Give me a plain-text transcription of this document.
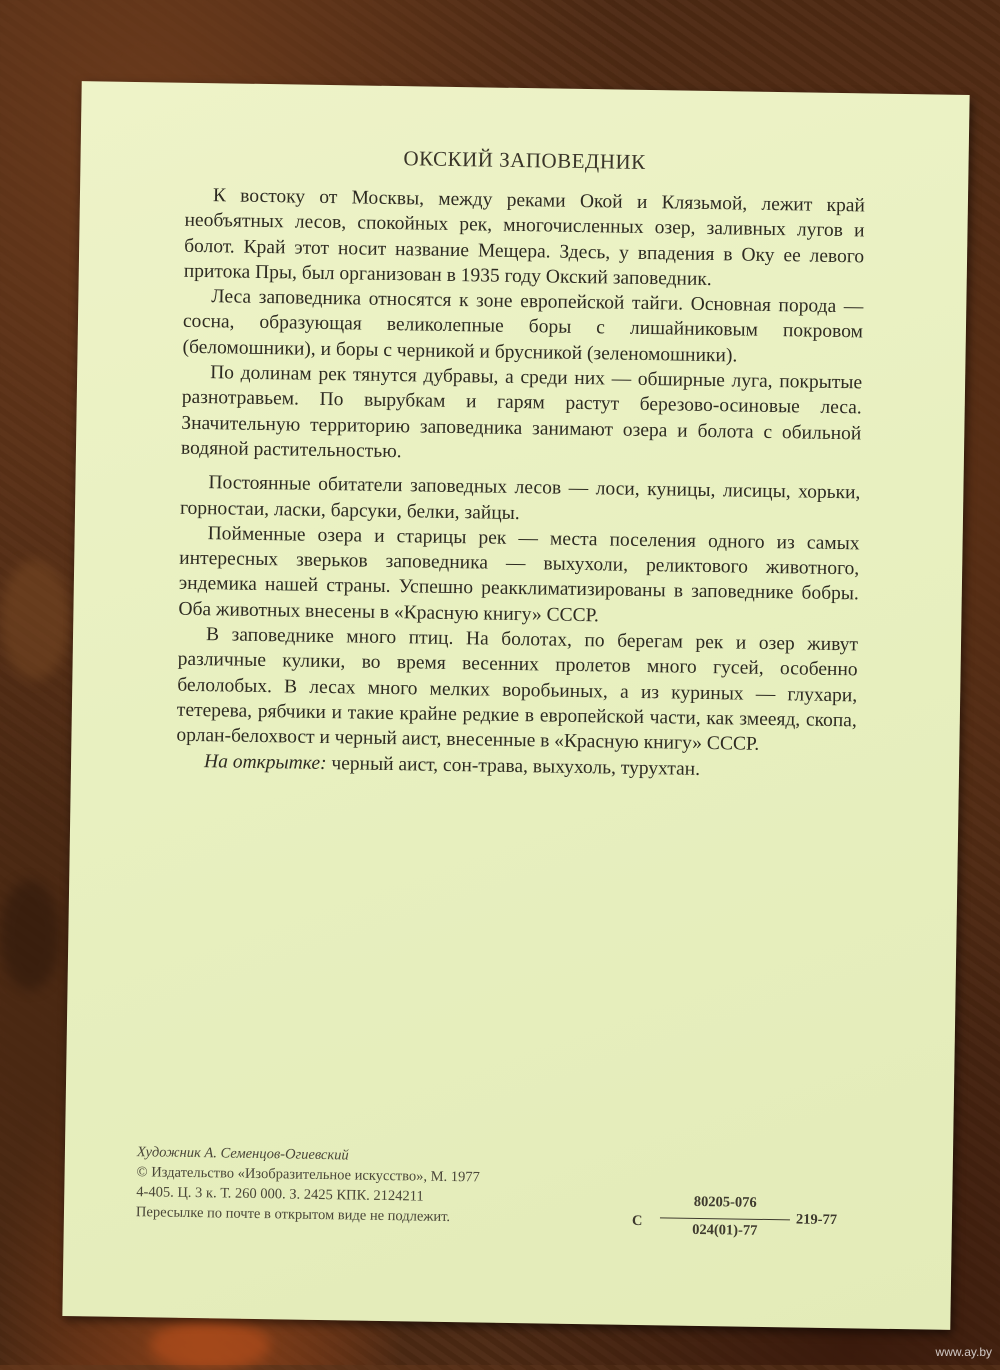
ОКСКИЙ ЗАПОВЕДНИК

К востоку от Москвы, между реками Окой и Клязьмой, лежит край необъятных лесов, спокойных рек, многочисленных озер, заливных лугов и болот. Край этот носит название Мещера. Здесь, у впадения в Оку ее левого притока Пры, был организован в 1935 году Окский заповедник.

Леса заповедника относятся к зоне европейской тайги. Основная порода — сосна, образующая великолепные боры с лишайниковым покровом (беломошники), и боры с черникой и брусникой (зеленомошники).

По долинам рек тянутся дубравы, а среди них — обширные луга, покрытые разнотравьем. По вырубкам и гарям растут березово-осиновые леса. Значительную территорию заповедника занимают озера и болота с обильной водяной растительностью.

Постоянные обитатели заповедных лесов — лоси, куницы, лисицы, хорьки, горностаи, ласки, барсуки, белки, зайцы.

Пойменные озера и старицы рек — места поселения одного из самых интересных зверьков заповедника — выхухоли, реликтового животного, эндемика нашей страны. Успешно реакклиматизированы в заповеднике бобры. Оба животных внесены в «Красную книгу» СССР.

В заповеднике много птиц. На болотах, по берегам рек и озер живут различные кулики, во время весенних пролетов много гусей, особенно белолобых. В лесах много мелких воробьиных, а из куриных — глухари, тетерева, рябчики и такие крайне редкие в европейской части, как змееяд, скопа, орлан-белохвост и черный аист, внесенные в «Красную книгу» СССР.

На открытке: черный аист, сон-трава, выхухоль, турухтан.

Художник А. Семенцов-Огиевский
© Издательство «Изобразительное искусство», М. 1977
4-405. Ц. 3 к. Т. 260 000. З. 2425 КПК. 2124211
Пересылке по почте в открытом виде не подлежит.	С
80205-076
024(01)-77
219-77
www.ay.by
